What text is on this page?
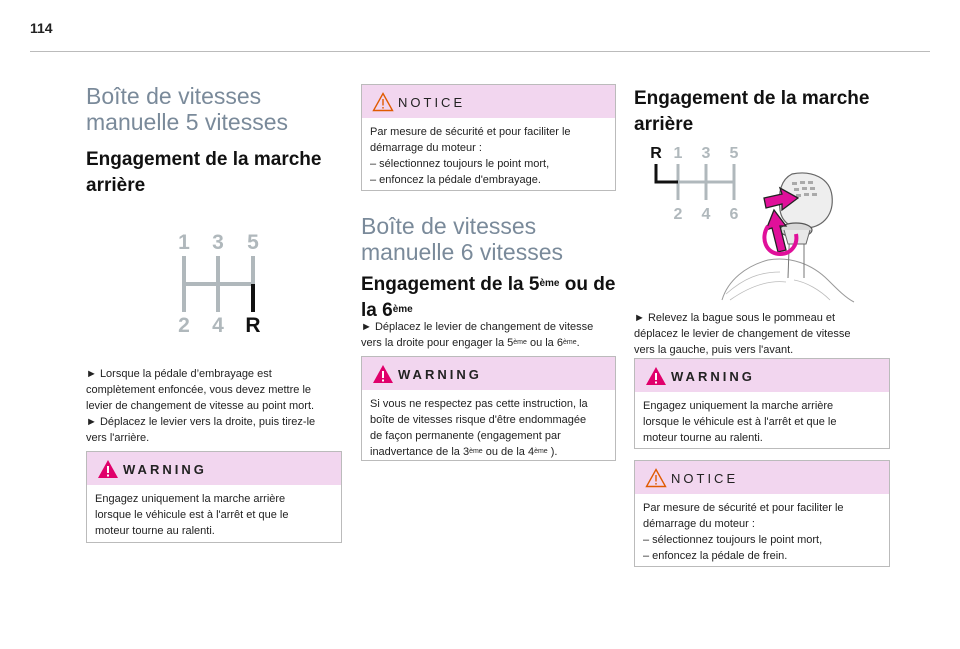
114
Boîte de vitesses
manuelle 5 vitesses
Engagement de la marche
arrière
1 3 5
2 4 R
► Lorsque la pédale d’embrayage est
complètement enfoncée, vous devez mettre le
levier de changement de vitesse au point mort.
► Déplacez le levier vers la droite, puis tirez-le
vers l'arrière.
WARNING
Engagez uniquement la marche arrière
lorsque le véhicule est à l'arrêt et que le
moteur tourne au ralenti.
NOTICE
Par mesure de sécurité et pour faciliter le
démarrage du moteur :
– sélectionnez toujours le point mort,
– enfoncez la pédale d'embrayage.
Boîte de vitesses
manuelle 6 vitesses
Engagement de la 5ème ou de
la 6ème
► Déplacez le levier de changement de vitesse
vers la droite pour engager la 5ème ou la 6ème.
WARNING
Si vous ne respectez pas cette instruction, la
boîte de vitesses risque d'être endommagée
de façon permanente (engagement par
inadvertance de la 3ème ou de la 4ème ).
Engagement de la marche
arrière
R 1 3 5
2 4 6
► Relevez la bague sous le pommeau et
déplacez le levier de changement de vitesse
vers la gauche, puis vers l'avant.
WARNING
Engagez uniquement la marche arrière
lorsque le véhicule est à l'arrêt et que le
moteur tourne au ralenti.
NOTICE
Par mesure de sécurité et pour faciliter le
démarrage du moteur :
– sélectionnez toujours le point mort,
– enfoncez la pédale de frein.
